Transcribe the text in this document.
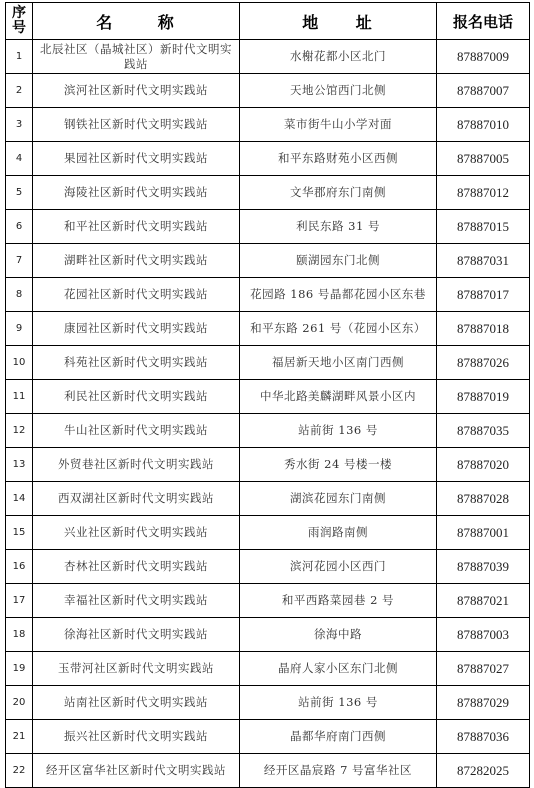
序号	名 称	地 址	报名电话
1	北辰社区（晶城社区）新时代文明实践站	水榭花都小区北门	87887009
2	滨河社区新时代文明实践站	天地公馆西门北侧	87887007
3	钢铁社区新时代文明实践站	菜市街牛山小学对面	87887010
4	果园社区新时代文明实践站	和平东路财苑小区西侧	87887005
5	海陵社区新时代文明实践站	文华郡府东门南侧	87887012
6	和平社区新时代文明实践站	利民东路 31 号	87887015
7	湖畔社区新时代文明实践站	颐湖园东门北侧	87887031
8	花园社区新时代文明实践站	花园路 186 号晶都花园小区东巷	87887017
9	康园社区新时代文明实践站	和平东路 261 号（花园小区东）	87887018
10	科苑社区新时代文明实践站	福居新天地小区南门西侧	87887026
11	利民社区新时代文明实践站	中华北路美麟湖畔风景小区内	87887019
12	牛山社区新时代文明实践站	站前街 136 号	87887035
13	外贸巷社区新时代文明实践站	秀水街 24 号楼一楼	87887020
14	西双湖社区新时代文明实践站	湖滨花园东门南侧	87887028
15	兴业社区新时代文明实践站	雨润路南侧	87887001
16	杏林社区新时代文明实践站	滨河花园小区西门	87887039
17	幸福社区新时代文明实践站	和平西路菜园巷 2 号	87887021
18	徐海社区新时代文明实践站	徐海中路	87887003
19	玉带河社区新时代文明实践站	晶府人家小区东门北侧	87887027
20	站南社区新时代文明实践站	站前街 136 号	87887029
21	振兴社区新时代文明实践站	晶都华府南门西侧	87887036
22	经开区富华社区新时代文明实践站	经开区晶宸路 7 号富华社区	87282025
